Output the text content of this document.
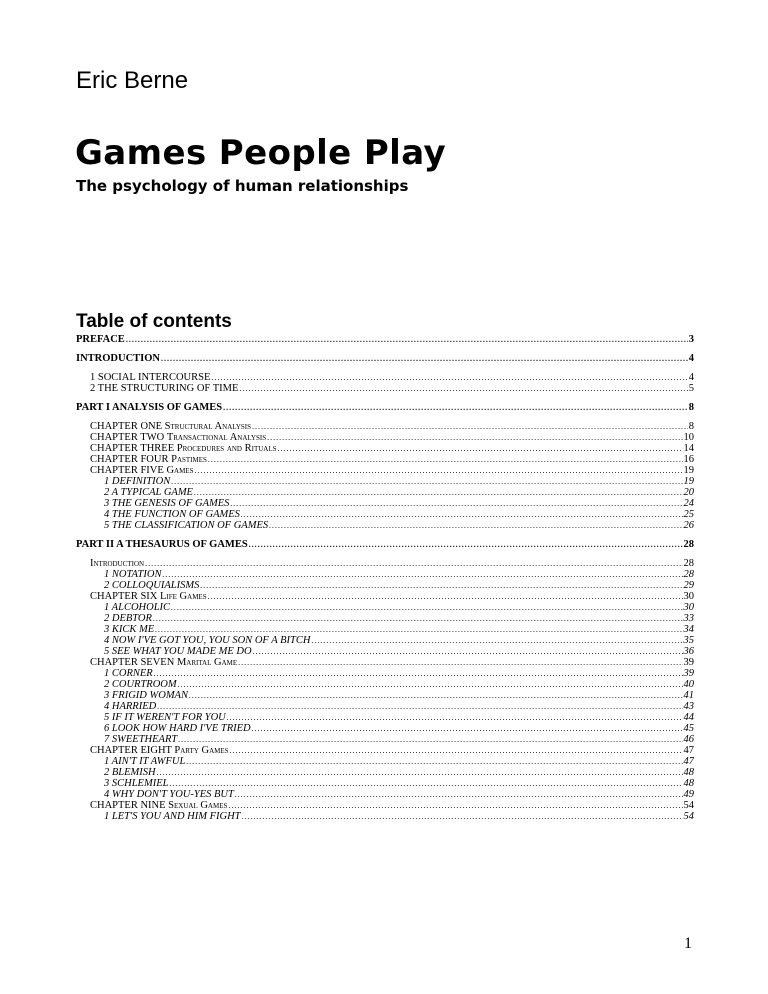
Eric Berne
Games People Play
The psychology of human relationships
Table of contents
PREFACE .....	3
INTRODUCTION .....	4
1 SOCIAL INTERCOURSE .....	4
2 THE STRUCTURING OF TIME .....	5
PART I ANALYSIS OF GAMES .....	8
CHAPTER ONE Structural Analysis .....	8
CHAPTER TWO Transactional Analysis .....	10
CHAPTER THREE Procedures and Rituals .....	14
CHAPTER FOUR Pastimes .....	16
CHAPTER FIVE Games .....	19
1 DEFINITION .....	19
2 A TYPICAL GAME .....	20
3 THE GENESIS OF GAMES .....	24
4 THE FUNCTION OF GAMES .....	25
5 THE CLASSIFICATION OF GAMES .....	26
PART II A THESAURUS OF GAMES .....	28
Introduction .....	28
1 NOTATION .....	28
2 COLLOQUIALISMS .....	29
CHAPTER SIX Life Games .....	30
1 ALCOHOLIC .....	30
2 DEBTOR .....	33
3 KICK ME .....	34
4 NOW I'VE GOT YOU, YOU SON OF A BITCH .....	35
5 SEE WHAT YOU MADE ME DO .....	36
CHAPTER SEVEN Marital Game .....	39
1 CORNER .....	39
2 COURTROOM .....	40
3 FRIGID WOMAN .....	41
4 HARRIED .....	43
5 IF IT WEREN'T FOR YOU .....	44
6 LOOK HOW HARD I'VE TRIED .....	45
7 SWEETHEART .....	46
CHAPTER EIGHT Party Games .....	47
1 AIN'T IT AWFUL .....	47
2 BLEMISH .....	48
3 SCHLEMIEL .....	48
4 WHY DON'T YOU-YES BUT .....	49
CHAPTER NINE Sexual Games .....	54
1 LET'S YOU AND HIM FIGHT .....	54
1
